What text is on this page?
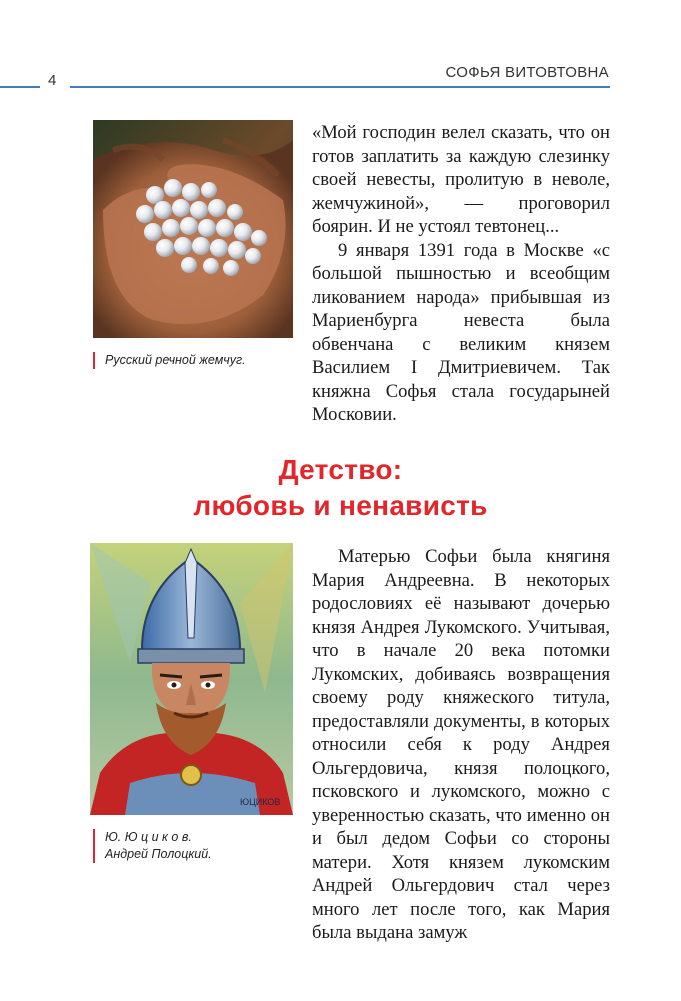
4	СОФЬЯ ВИТОВТОВНА
Русский речной жемчуг.

«Мой господин велел сказать, что он готов заплатить за каждую слезинку своей невесты, пролитую в неволе, жемчужиной», — проговорил боярин. И не устоял тевтонец...

9 января 1391 года в Москве «с большой пышностью и всеобщим ликованием народа» прибывшая из Мариенбурга невеста была обвенчана с великим князем Василием I Дмитриевичем. Так княжна Софья стала государыней Московии.

Детство:
любовь и ненависть
ЮЦИКОВ
Ю. Ю ц и к о в.
Андрей Полоцкий.

Матерью Софьи была княгиня Мария Андреевна. В некоторых родословиях её называют дочерью князя Андрея Лукомского. Учитывая, что в начале 20 века потомки Лукомских, добиваясь возвращения своему роду княжеского титула, предоставляли документы, в которых относили себя к роду Андрея Ольгердовича, князя полоцкого, псковского и лукомского, можно с уверенностью сказать, что именно он и был дедом Софьи со стороны матери. Хотя князем лукомским Андрей Ольгердович стал через много лет после того, как Мария была выдана замуж
